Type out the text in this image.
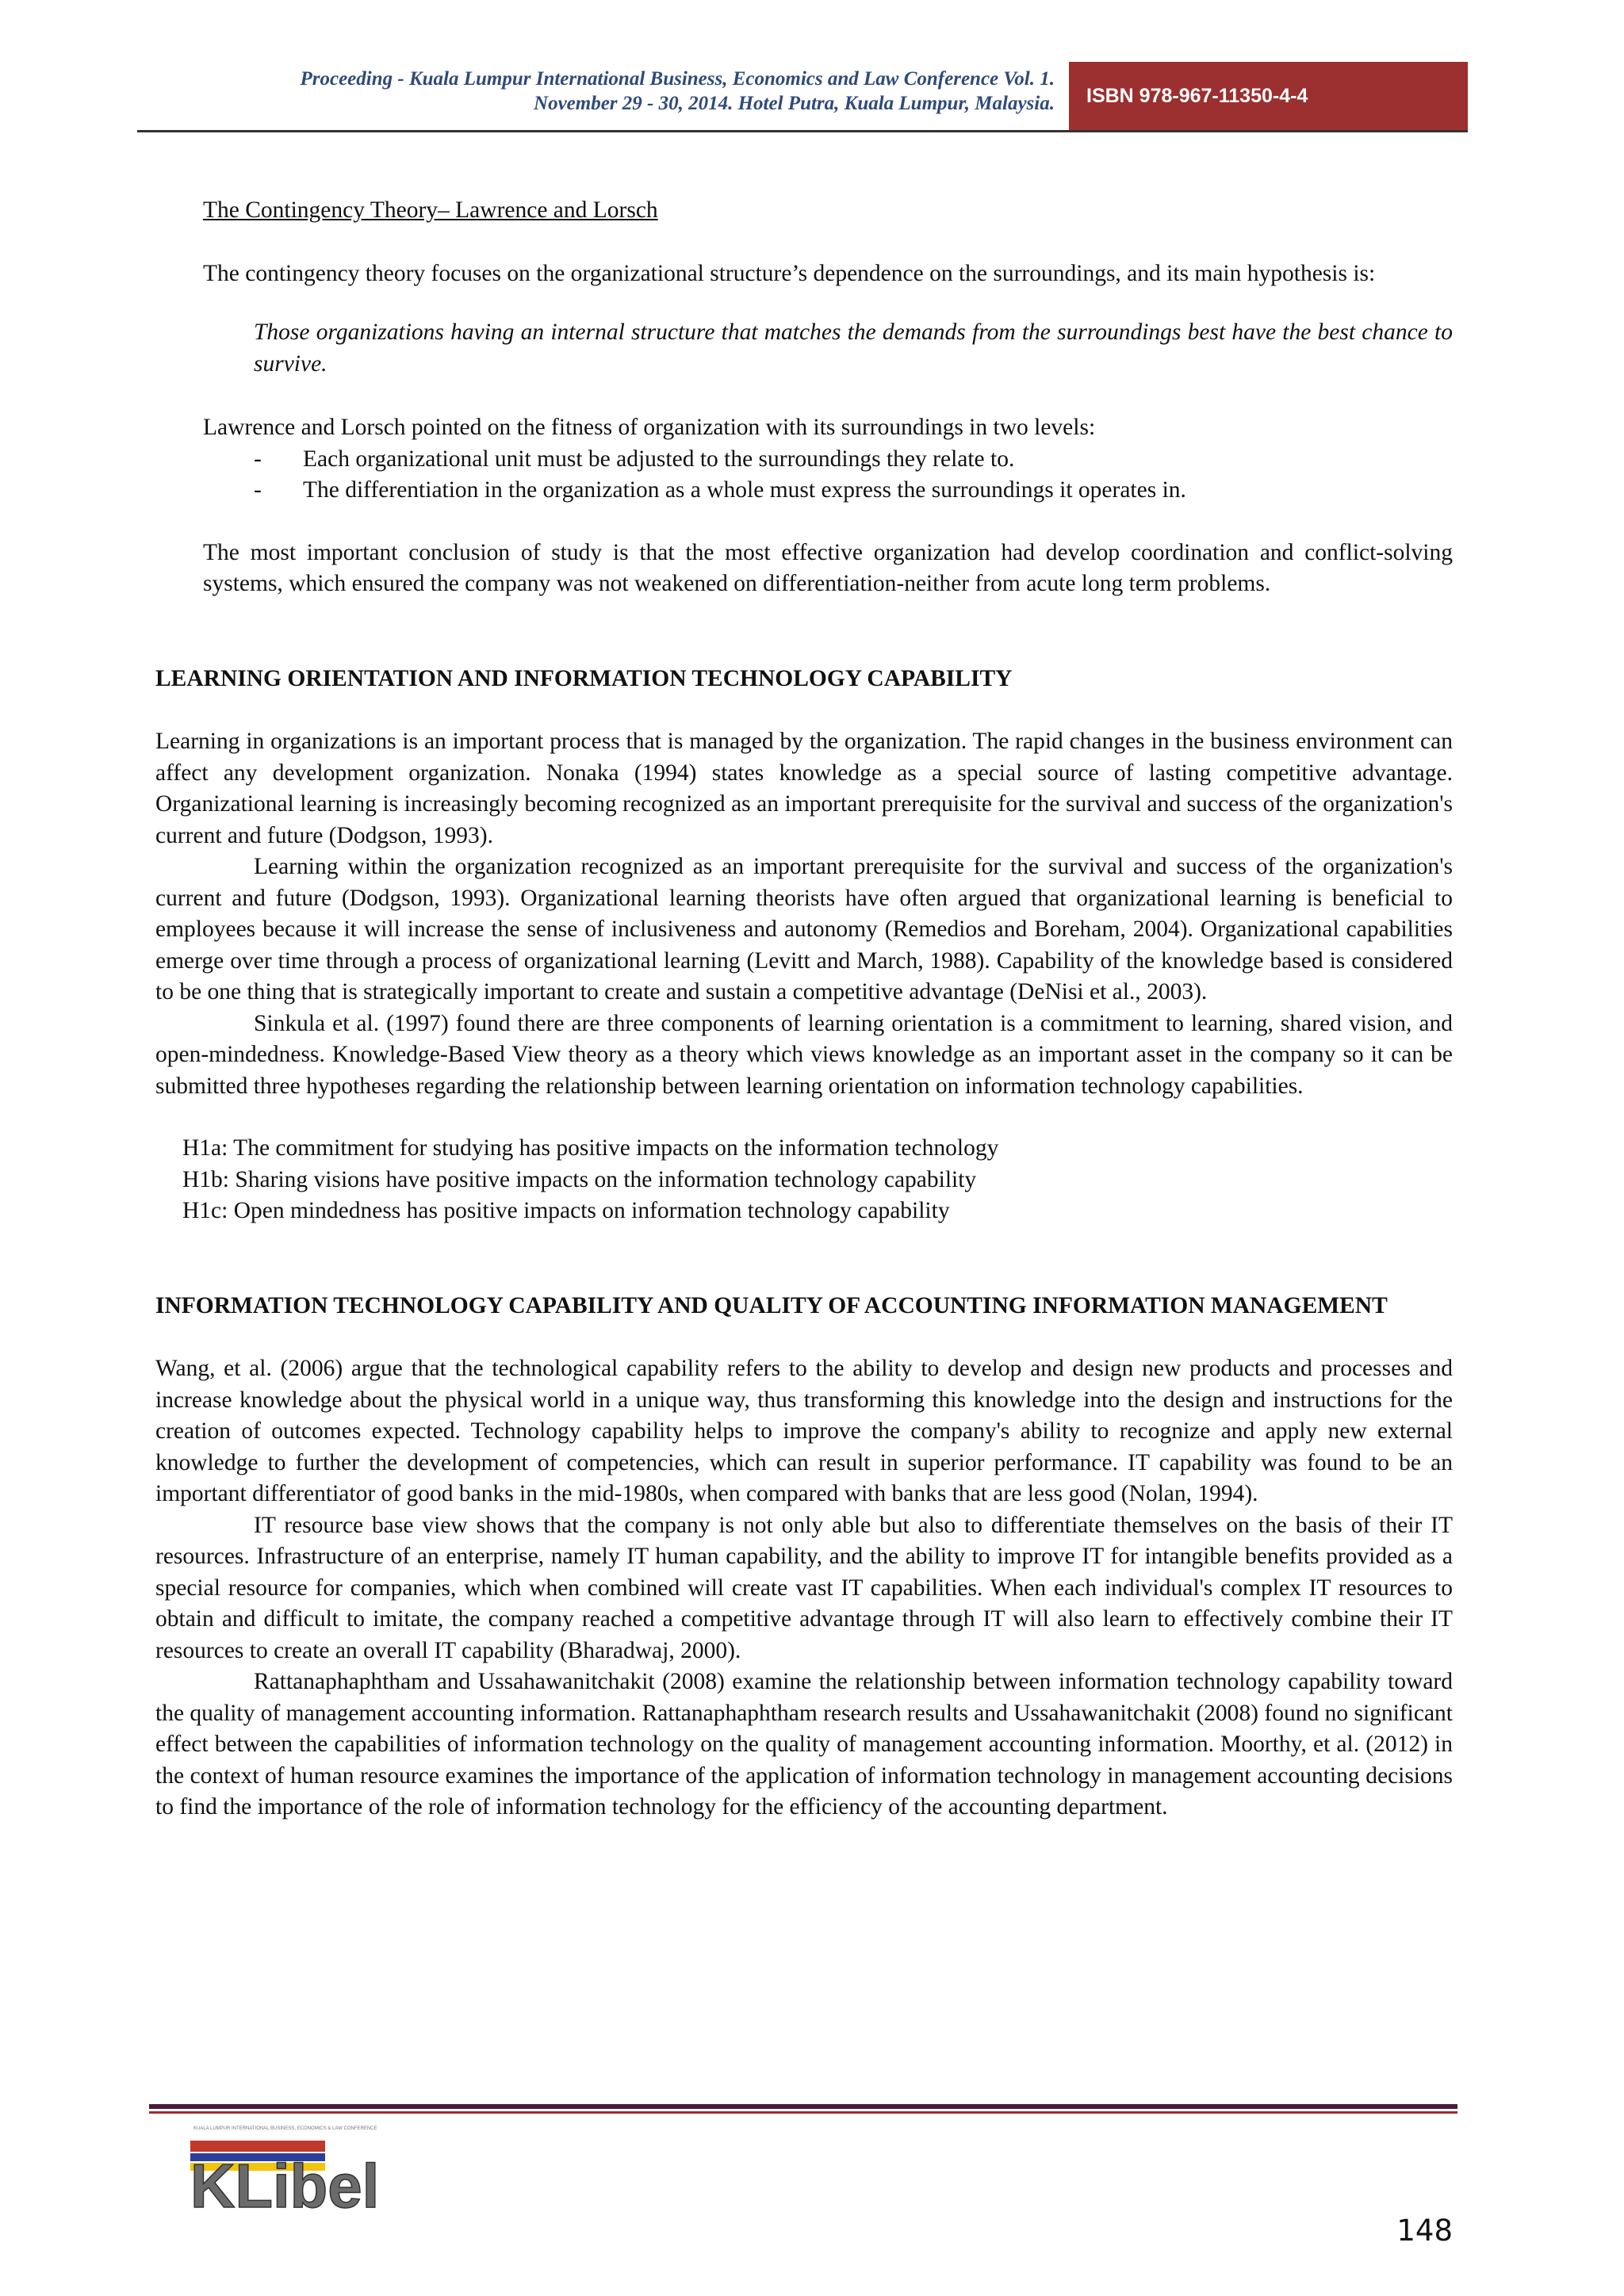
Proceeding - Kuala Lumpur International Business, Economics and Law Conference Vol. 1.
November 29 - 30, 2014. Hotel Putra, Kuala Lumpur, Malaysia.	ISBN 978-967-11350-4-4

The Contingency Theory– Lawrence and Lorsch

The contingency theory focuses on the organizational structure’s dependence on the surroundings, and its main hypothesis is:

Those organizations having an internal structure that matches the demands from the surroundings best have the best chance to survive.

Lawrence and Lorsch pointed on the fitness of organization with its surroundings in two levels:

- Each organizational unit must be adjusted to the surroundings they relate to.
- The differentiation in the organization as a whole must express the surroundings it operates in.

The most important conclusion of study is that the most effective organization had develop coordination and conflict-solving systems, which ensured the company was not weakened on differentiation-neither from acute long term problems.

LEARNING ORIENTATION AND INFORMATION TECHNOLOGY CAPABILITY

Learning in organizations is an important process that is managed by the organization. The rapid changes in the business environment can affect any development organization. Nonaka (1994) states knowledge as a special source of lasting competitive advantage. Organizational learning is increasingly becoming recognized as an important prerequisite for the survival and success of the organization's current and future (Dodgson, 1993).

Learning within the organization recognized as an important prerequisite for the survival and success of the organization's current and future (Dodgson, 1993). Organizational learning theorists have often argued that organizational learning is beneficial to employees because it will increase the sense of inclusiveness and autonomy (Remedios and Boreham, 2004). Organizational capabilities emerge over time through a process of organizational learning (Levitt and March, 1988). Capability of the knowledge based is considered to be one thing that is strategically important to create and sustain a competitive advantage (DeNisi et al., 2003).

Sinkula et al. (1997) found there are three components of learning orientation is a commitment to learning, shared vision, and open-mindedness. Knowledge-Based View theory as a theory which views knowledge as an important asset in the company so it can be submitted three hypotheses regarding the relationship between learning orientation on information technology capabilities.

H1a: The commitment for studying has positive impacts on the information technology

H1b: Sharing visions have positive impacts on the information technology capability

H1c: Open mindedness has positive impacts on information technology capability

INFORMATION TECHNOLOGY CAPABILITY AND QUALITY OF ACCOUNTING INFORMATION MANAGEMENT

Wang, et al. (2006) argue that the technological capability refers to the ability to develop and design new products and processes and increase knowledge about the physical world in a unique way, thus transforming this knowledge into the design and instructions for the creation of outcomes expected. Technology capability helps to improve the company's ability to recognize and apply new external knowledge to further the development of competencies, which can result in superior performance. IT capability was found to be an important differentiator of good banks in the mid-1980s, when compared with banks that are less good (Nolan, 1994).

IT resource base view shows that the company is not only able but also to differentiate themselves on the basis of their IT resources. Infrastructure of an enterprise, namely IT human capability, and the ability to improve IT for intangible benefits provided as a special resource for companies, which when combined will create vast IT capabilities. When each individual's complex IT resources to obtain and difficult to imitate, the company reached a competitive advantage through IT will also learn to effectively combine their IT resources to create an overall IT capability (Bharadwaj, 2000).

Rattanaphaphtham and Ussahawanitchakit (2008) examine the relationship between information technology capability toward the quality of management accounting information. Rattanaphaphtham research results and Ussahawanitchakit (2008) found no significant effect between the capabilities of information technology on the quality of management accounting information. Moorthy, et al. (2012) in the context of human resource examines the importance of the application of information technology in management accounting decisions to find the importance of the role of information technology for the efficiency of the accounting department.

KUALA LUMPUR INTERNATIONAL BUSINESS, ECONOMICS & LAW CONFERENCE
KLibel
148
